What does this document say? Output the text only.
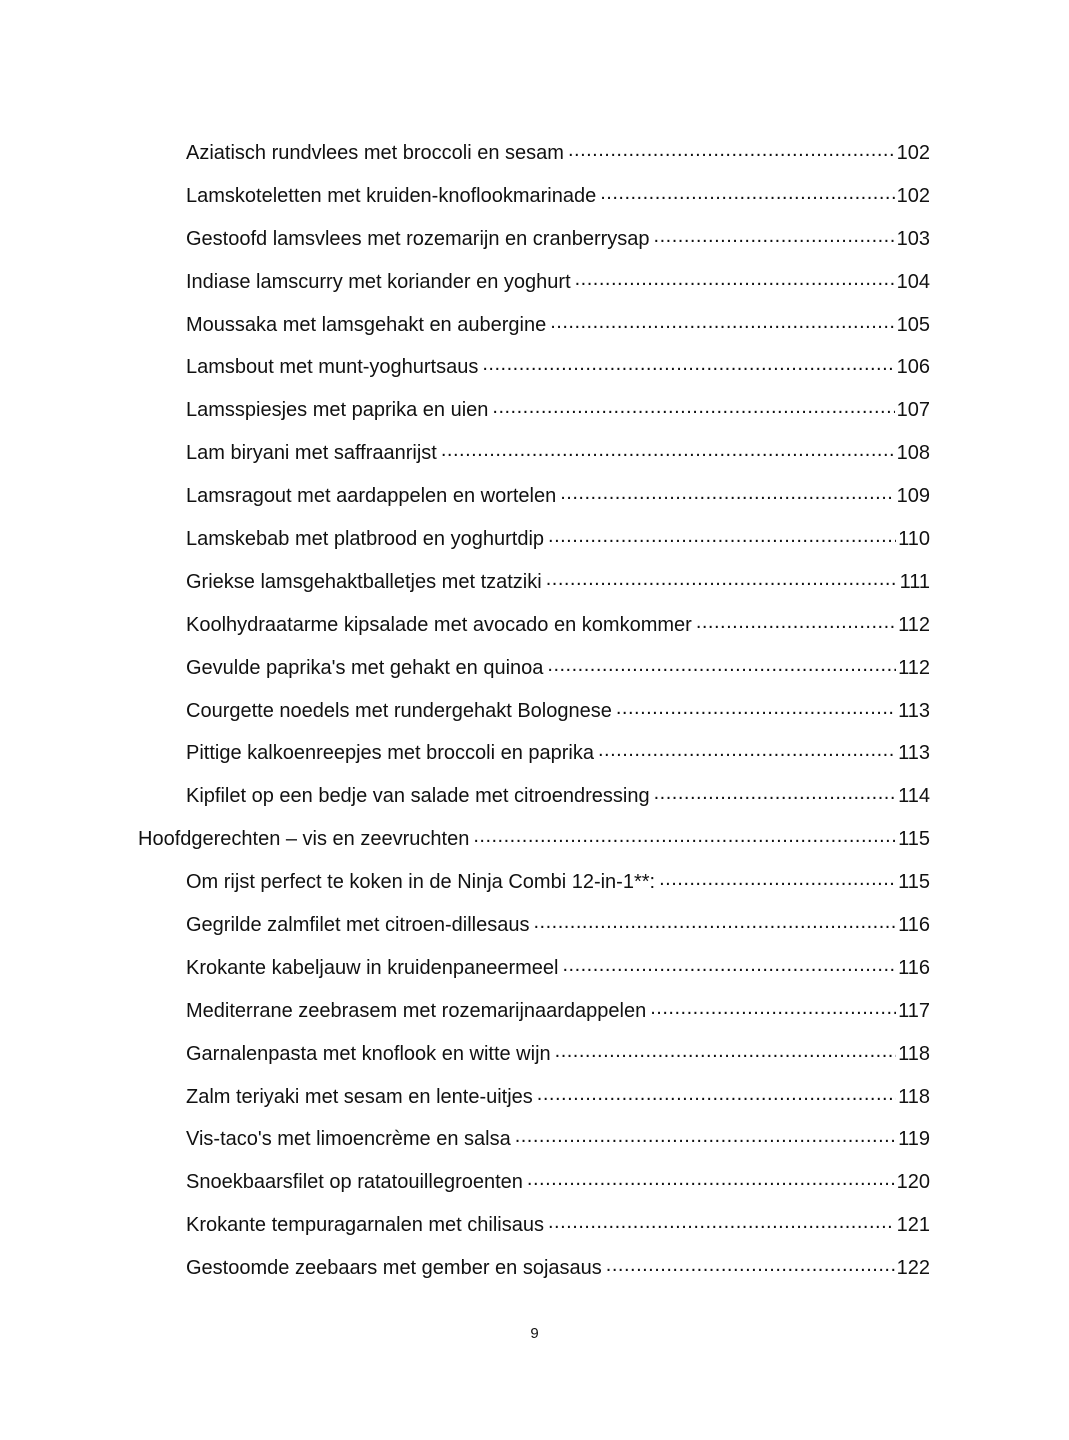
Aziatisch rundvlees met broccoli en sesam .....	102
Lamskoteletten met kruiden-knoflookmarinade .....	102
Gestoofd lamsvlees met rozemarijn en cranberrysap .....	103
Indiase lamscurry met koriander en yoghurt .....	104
Moussaka met lamsgehakt en aubergine .....	105
Lamsbout met munt-yoghurtsaus .....	106
Lamsspiesjes met paprika en uien .....	107
Lam biryani met saffraanrijst .....	108
Lamsragout met aardappelen en wortelen .....	109
Lamskebab met platbrood en yoghurtdip .....	110
Griekse lamsgehaktballetjes met tzatziki .....	111
Koolhydraatarme kipsalade met avocado en komkommer .....	112
Gevulde paprika's met gehakt en quinoa .....	112
Courgette noedels met rundergehakt Bolognese .....	113
Pittige kalkoenreepjes met broccoli en paprika .....	113
Kipfilet op een bedje van salade met citroendressing .....	114
Hoofdgerechten – vis en zeevruchten .....	115
Om rijst perfect te koken in de Ninja Combi 12-in-1**: .....	115
Gegrilde zalmfilet met citroen-dillesaus .....	116
Krokante kabeljauw in kruidenpaneermeel .....	116
Mediterrane zeebrasem met rozemarijnaardappelen .....	117
Garnalenpasta met knoflook en witte wijn .....	118
Zalm teriyaki met sesam en lente-uitjes .....	118
Vis-taco's met limoencrème en salsa .....	119
Snoekbaarsfilet op ratatouillegroenten .....	120
Krokante tempuragarnalen met chilisaus .....	121
Gestoomde zeebaars met gember en sojasaus .....	122
9
